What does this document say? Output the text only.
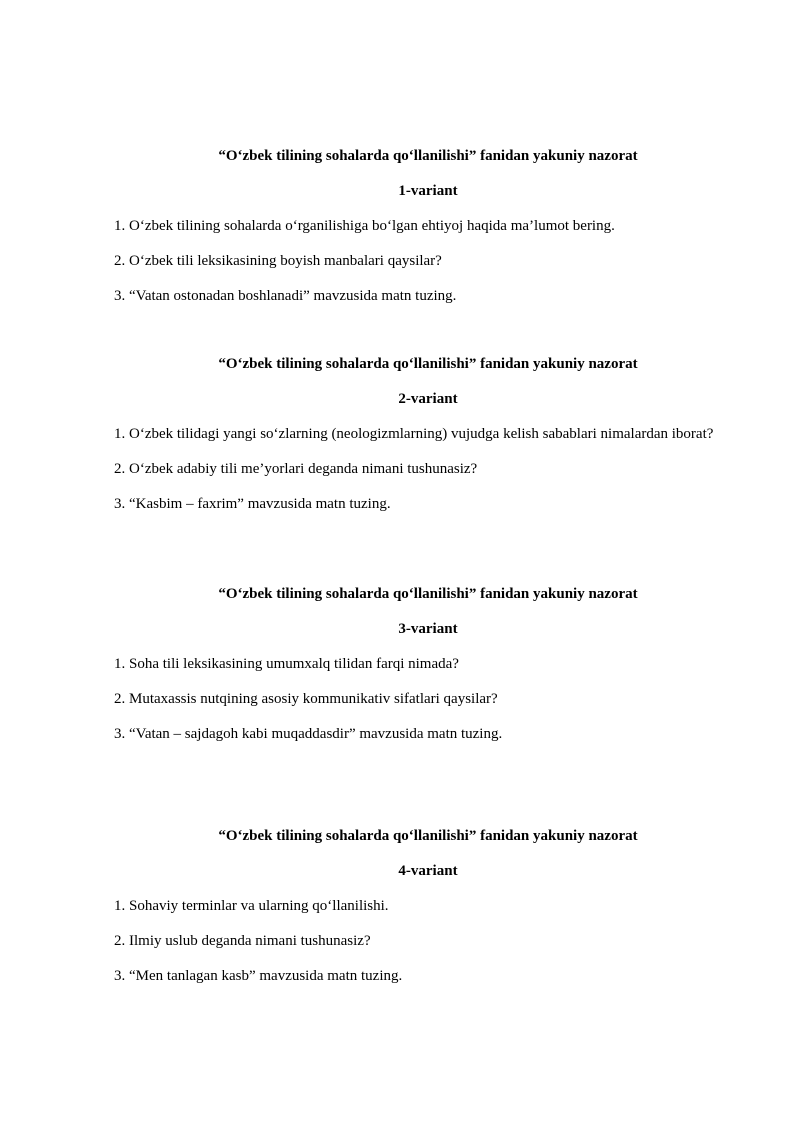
“O‘zbek tilining sohalarda qo‘llanilishi” fanidan yakuniy nazorat

1-variant

1. O‘zbek tilining sohalarda o‘rganilishiga bo‘lgan ehtiyoj haqida ma’lumot bering.

2. O‘zbek tili leksikasining boyish manbalari qaysilar?

3. “Vatan ostonadan boshlanadi” mavzusida matn tuzing.

“O‘zbek tilining sohalarda qo‘llanilishi” fanidan yakuniy nazorat

2-variant

1. O‘zbek tilidagi yangi so‘zlarning (neologizmlarning) vujudga kelish sabablari nimalardan iborat?

2. O‘zbek adabiy tili me’yorlari deganda nimani tushunasiz?

3. “Kasbim – faxrim” mavzusida matn tuzing.

“O‘zbek tilining sohalarda qo‘llanilishi” fanidan yakuniy nazorat

3-variant

1. Soha tili leksikasining umumxalq tilidan farqi nimada?

2. Mutaxassis nutqining asosiy kommunikativ sifatlari qaysilar?

3. “Vatan – sajdagoh kabi muqaddasdir” mavzusida matn tuzing.

“O‘zbek tilining sohalarda qo‘llanilishi” fanidan yakuniy nazorat

4-variant

1. Sohaviy terminlar va ularning qo‘llanilishi.

2. Ilmiy uslub deganda nimani tushunasiz?

3. “Men tanlagan kasb” mavzusida matn tuzing.
